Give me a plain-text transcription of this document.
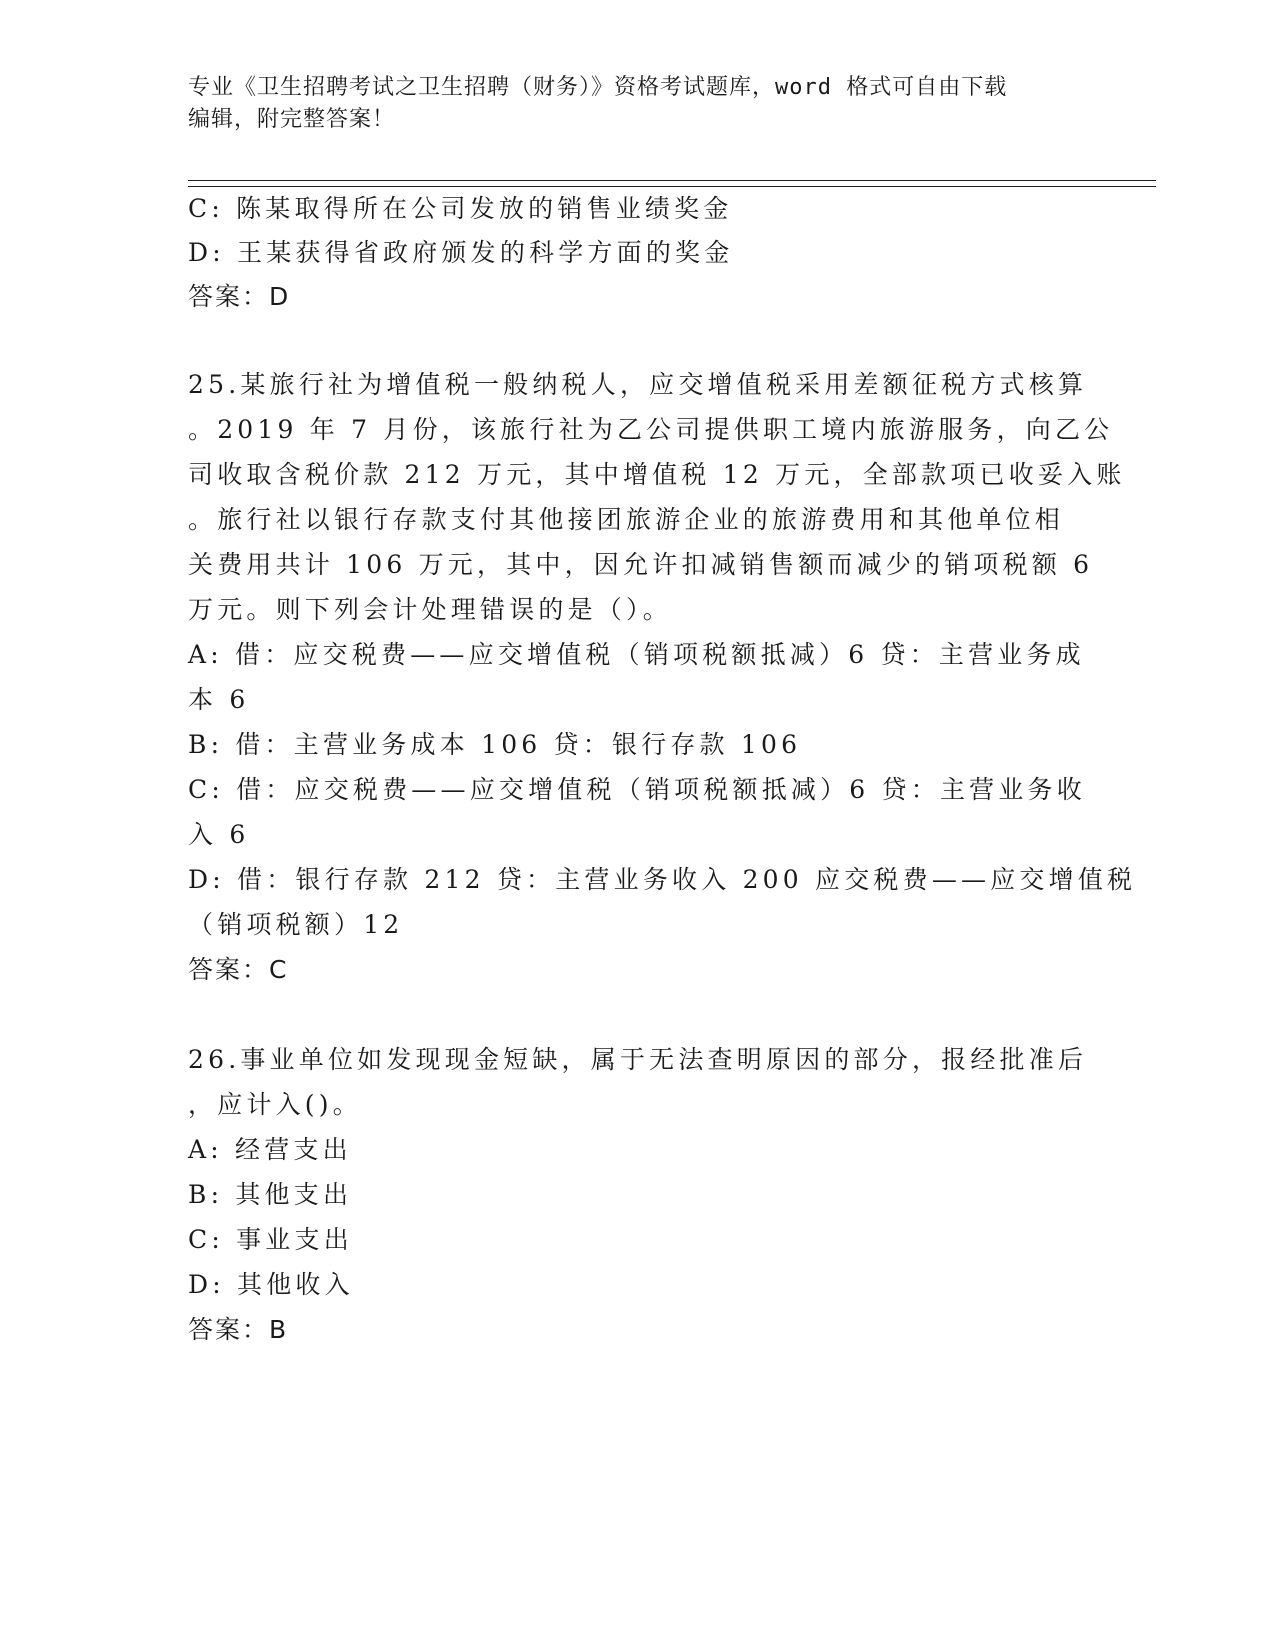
专业《卫生招聘考试之卫生招聘（财务）》资格考试题库，word 格式可自由下载
编辑，附完整答案！
C: 陈某取得所在公司发放的销售业绩奖金
D: 王某获得省政府颁发的科学方面的奖金
答案：D
25.某旅行社为增值税一般纳税人，应交增值税采用差额征税方式核算
。2019 年 7 月份，该旅行社为乙公司提供职工境内旅游服务，向乙公
司收取含税价款 212 万元，其中增值税 12 万元，全部款项已收妥入账
。旅行社以银行存款支付其他接团旅游企业的旅游费用和其他单位相
关费用共计 106 万元，其中，因允许扣减销售额而减少的销项税额 6
万元。则下列会计处理错误的是（）。
A: 借：应交税费——应交增值税（销项税额抵减）6 贷：主营业务成
本 6
B: 借：主营业务成本 106 贷：银行存款 106
C: 借：应交税费——应交增值税（销项税额抵减）6 贷：主营业务收
入 6
D: 借：银行存款 212 贷：主营业务收入 200 应交税费——应交增值税
（销项税额）12
答案：C
26.事业单位如发现现金短缺，属于无法查明原因的部分，报经批准后
，应计入()。
A: 经营支出
B: 其他支出
C: 事业支出
D: 其他收入
答案：B
